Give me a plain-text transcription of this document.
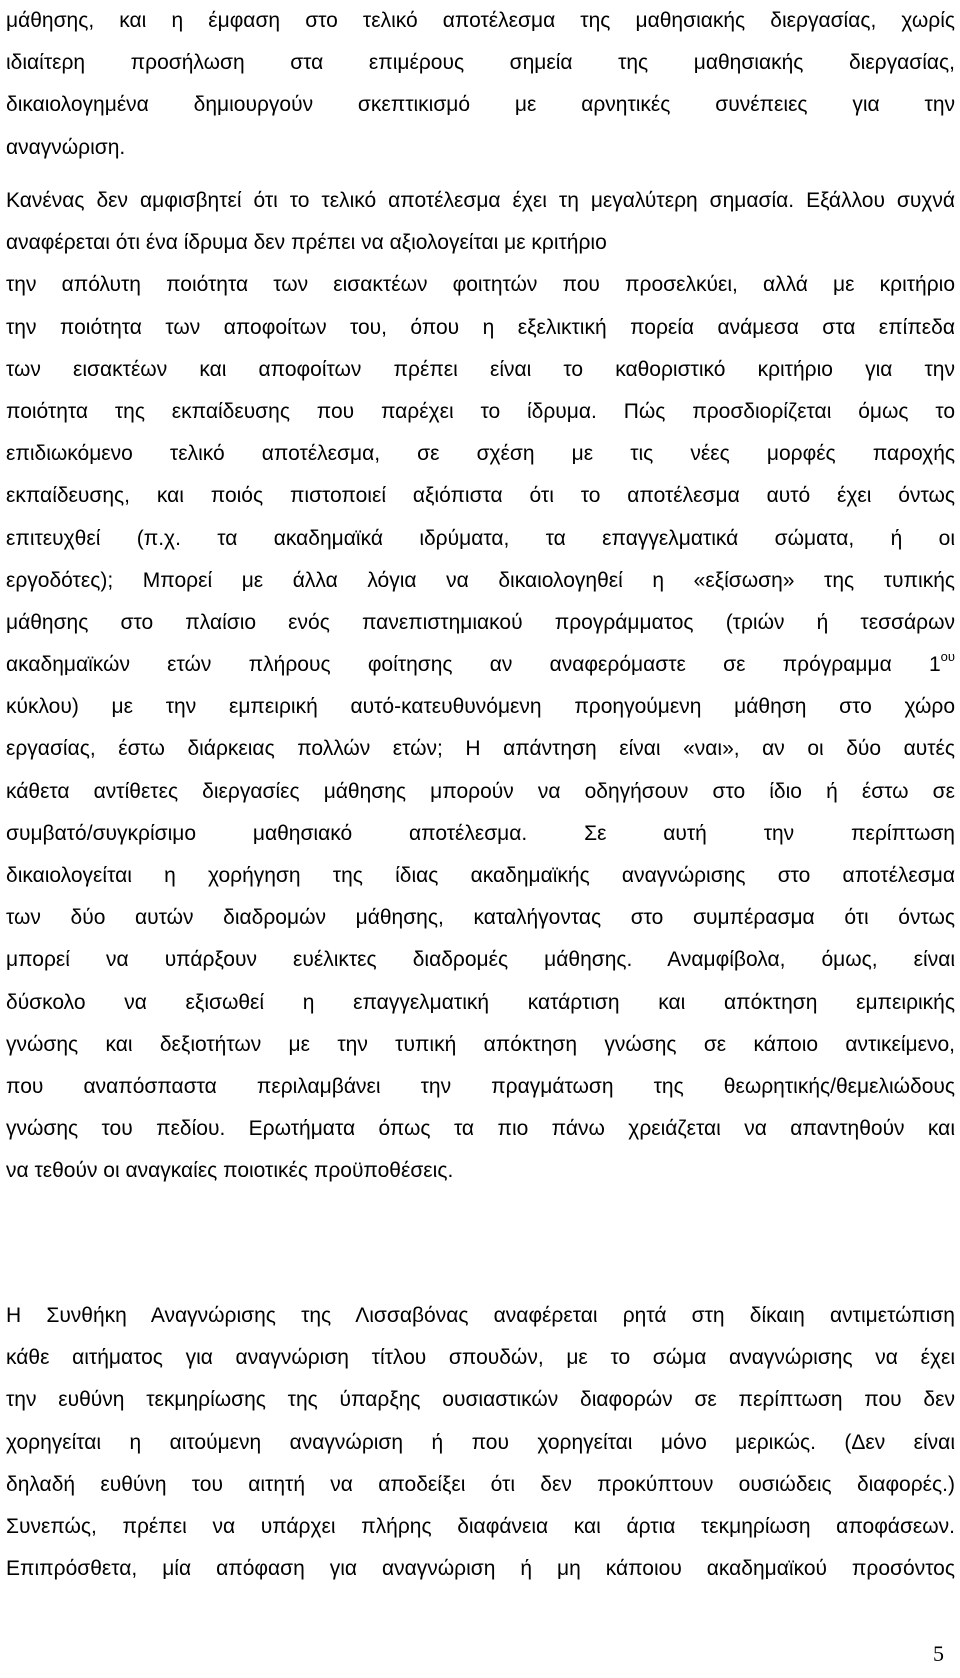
μάθησης, και η έμφαση στο τελικό αποτέλεσμα της μαθησιακής διεργασίας, χωρίς
ιδιαίτερη προσήλωση στα επιμέρους σημεία της μαθησιακής διεργασίας,
δικαιολογημένα δημιουργούν σκεπτικισμό με αρνητικές συνέπειες για την
αναγνώριση.
Κανένας δεν αμφισβητεί ότι το τελικό αποτέλεσμα έχει τη μεγαλύτερη σημασία. Εξάλλου συχνά αναφέρεται ότι ένα ίδρυμα δεν πρέπει να αξιολογείται με κριτήριο
την απόλυτη ποιότητα των εισακτέων φοιτητών που προσελκύει, αλλά με κριτήριο
την ποιότητα των αποφοίτων του, όπου η εξελικτική πορεία ανάμεσα στα επίπεδα
των εισακτέων και αποφοίτων πρέπει είναι το καθοριστικό κριτήριο για την
ποιότητα της εκπαίδευσης που παρέχει το ίδρυμα. Πώς προσδιορίζεται όμως το
επιδιωκόμενο τελικό αποτέλεσμα, σε σχέση με τις νέες μορφές παροχής
εκπαίδευσης, και ποιός πιστοποιεί αξιόπιστα ότι το αποτέλεσμα αυτό έχει όντως
επιτευχθεί (π.χ. τα ακαδημαϊκά ιδρύματα, τα επαγγελματικά σώματα, ή οι
εργοδότες); Μπορεί με άλλα λόγια να δικαιολογηθεί η «εξίσωση» της τυπικής
μάθησης στο πλαίσιο ενός πανεπιστημιακού προγράμματος (τριών ή τεσσάρων
ακαδημαϊκών ετών πλήρους φοίτησης αν αναφερόμαστε σε πρόγραμμα $1^{o\upsilon}$
κύκλου) με την εμπειρική αυτό-κατευθυνόμενη προηγούμενη μάθηση στο χώρο
εργασίας, έστω διάρκειας πολλών ετών; Η απάντηση είναι «ναι», αν οι δύο αυτές
κάθετα αντίθετες διεργασίες μάθησης μπορούν να οδηγήσουν στο ίδιο ή έστω σε
συμβατό/συγκρίσιμο μαθησιακό αποτέλεσμα. Σε αυτή την περίπτωση
δικαιολογείται η χορήγηση της ίδιας ακαδημαϊκής αναγνώρισης στο αποτέλεσμα
των δύο αυτών διαδρομών μάθησης, καταλήγοντας στο συμπέρασμα ότι όντως
μπορεί να υπάρξουν ευέλικτες διαδρομές μάθησης. Αναμφίβολα, όμως, είναι
δύσκολο να εξισωθεί η επαγγελματική κατάρτιση και απόκτηση εμπειρικής
γνώσης και δεξιοτήτων με την τυπική απόκτηση γνώσης σε κάποιο αντικείμενο,
που αναπόσπαστα περιλαμβάνει την πραγμάτωση της θεωρητικής/θεμελιώδους
γνώσης του πεδίου. Ερωτήματα όπως τα πιο πάνω χρειάζεται να απαντηθούν και
να τεθούν οι αναγκαίες ποιοτικές προϋποθέσεις.
Η Συνθήκη Αναγνώρισης της Λισσαβόνας αναφέρεται ρητά στη δίκαιη αντιμετώπιση
κάθε αιτήματος για αναγνώριση τίτλου σπουδών, με το σώμα αναγνώρισης να έχει
την ευθύνη τεκμηρίωσης της ύπαρξης ουσιαστικών διαφορών σε περίπτωση που δεν
χορηγείται η αιτούμενη αναγνώριση ή που χορηγείται μόνο μερικώς. (Δεν είναι
δηλαδή ευθύνη του αιτητή να αποδείξει ότι δεν προκύπτουν ουσιώδεις διαφορές.)
Συνεπώς, πρέπει να υπάρχει πλήρης διαφάνεια και άρτια τεκμηρίωση αποφάσεων.
Επιπρόσθετα, μία απόφαση για αναγνώριση ή μη κάποιου ακαδημαϊκού προσόντος
5
